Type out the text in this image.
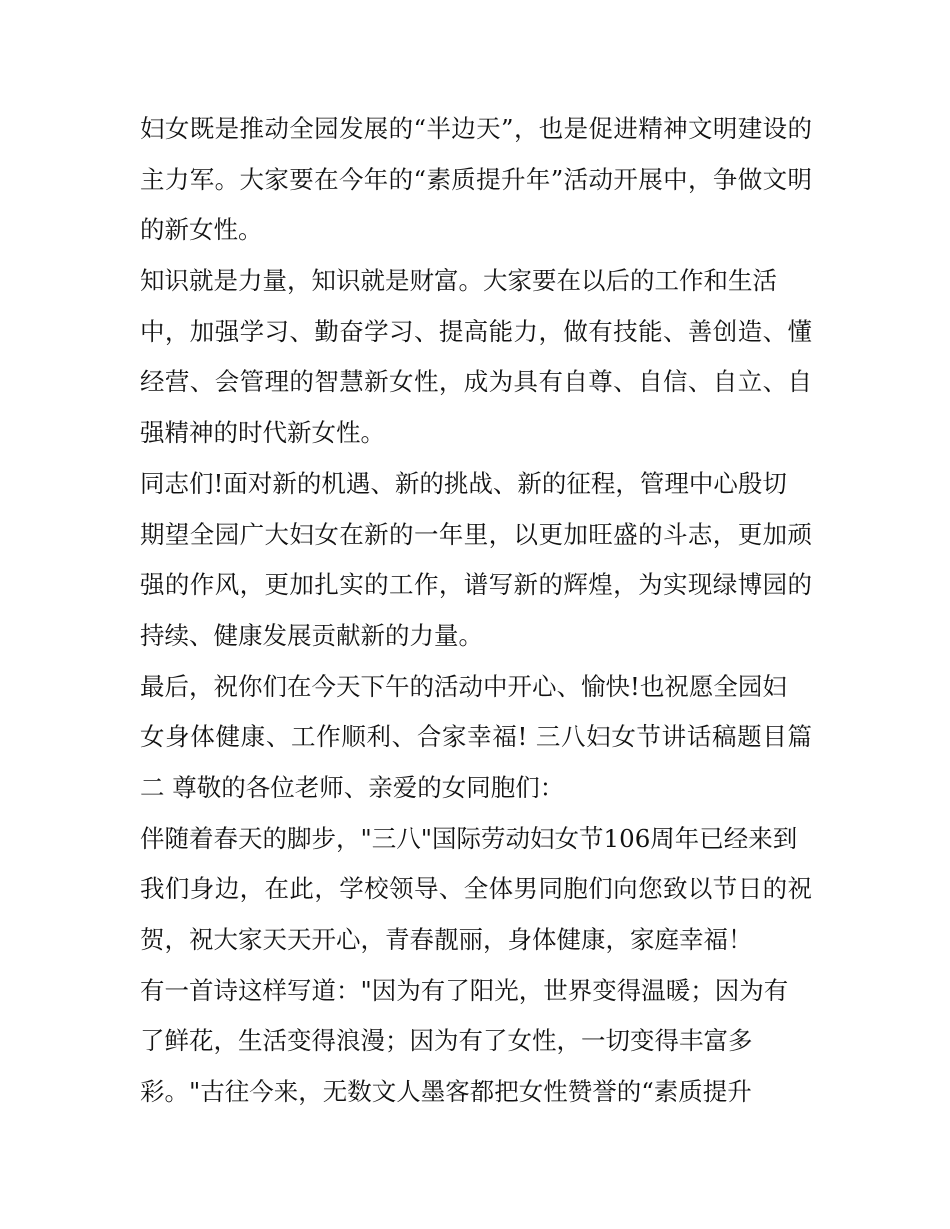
妇女既是推动全园发展的“半边天”，也是促进精神文明建设的
主力军。大家要在今年的“素质提升年”活动开展中，争做文明
的新女性。
知识就是力量，知识就是财富。大家要在以后的工作和生活
中，加强学习、勤奋学习、提高能力，做有技能、善创造、懂
经营、会管理的智慧新女性，成为具有自尊、自信、自立、自
强精神的时代新女性。
同志们!面对新的机遇、新的挑战、新的征程，管理中心殷切
期望全园广大妇女在新的一年里，以更加旺盛的斗志，更加顽
强的作风，更加扎实的工作，谱写新的辉煌，为实现绿博园的
持续、健康发展贡献新的力量。
最后，祝你们在今天下午的活动中开心、愉快!也祝愿全园妇
女身体健康、工作顺利、合家幸福! 三八妇女节讲话稿题目篇
二 尊敬的各位老师、亲爱的女同胞们：
伴随着春天的脚步，"三八"国际劳动妇女节106周年已经来到
我们身边，在此，学校领导、全体男同胞们向您致以节日的祝
贺，祝大家天天开心，青春靓丽，身体健康，家庭幸福！
有一首诗这样写道："因为有了阳光，世界变得温暖；因为有
了鲜花，生活变得浪漫；因为有了女性，一切变得丰富多
彩。"古往今来，无数文人墨客都把女性赞誉的“素质提升
